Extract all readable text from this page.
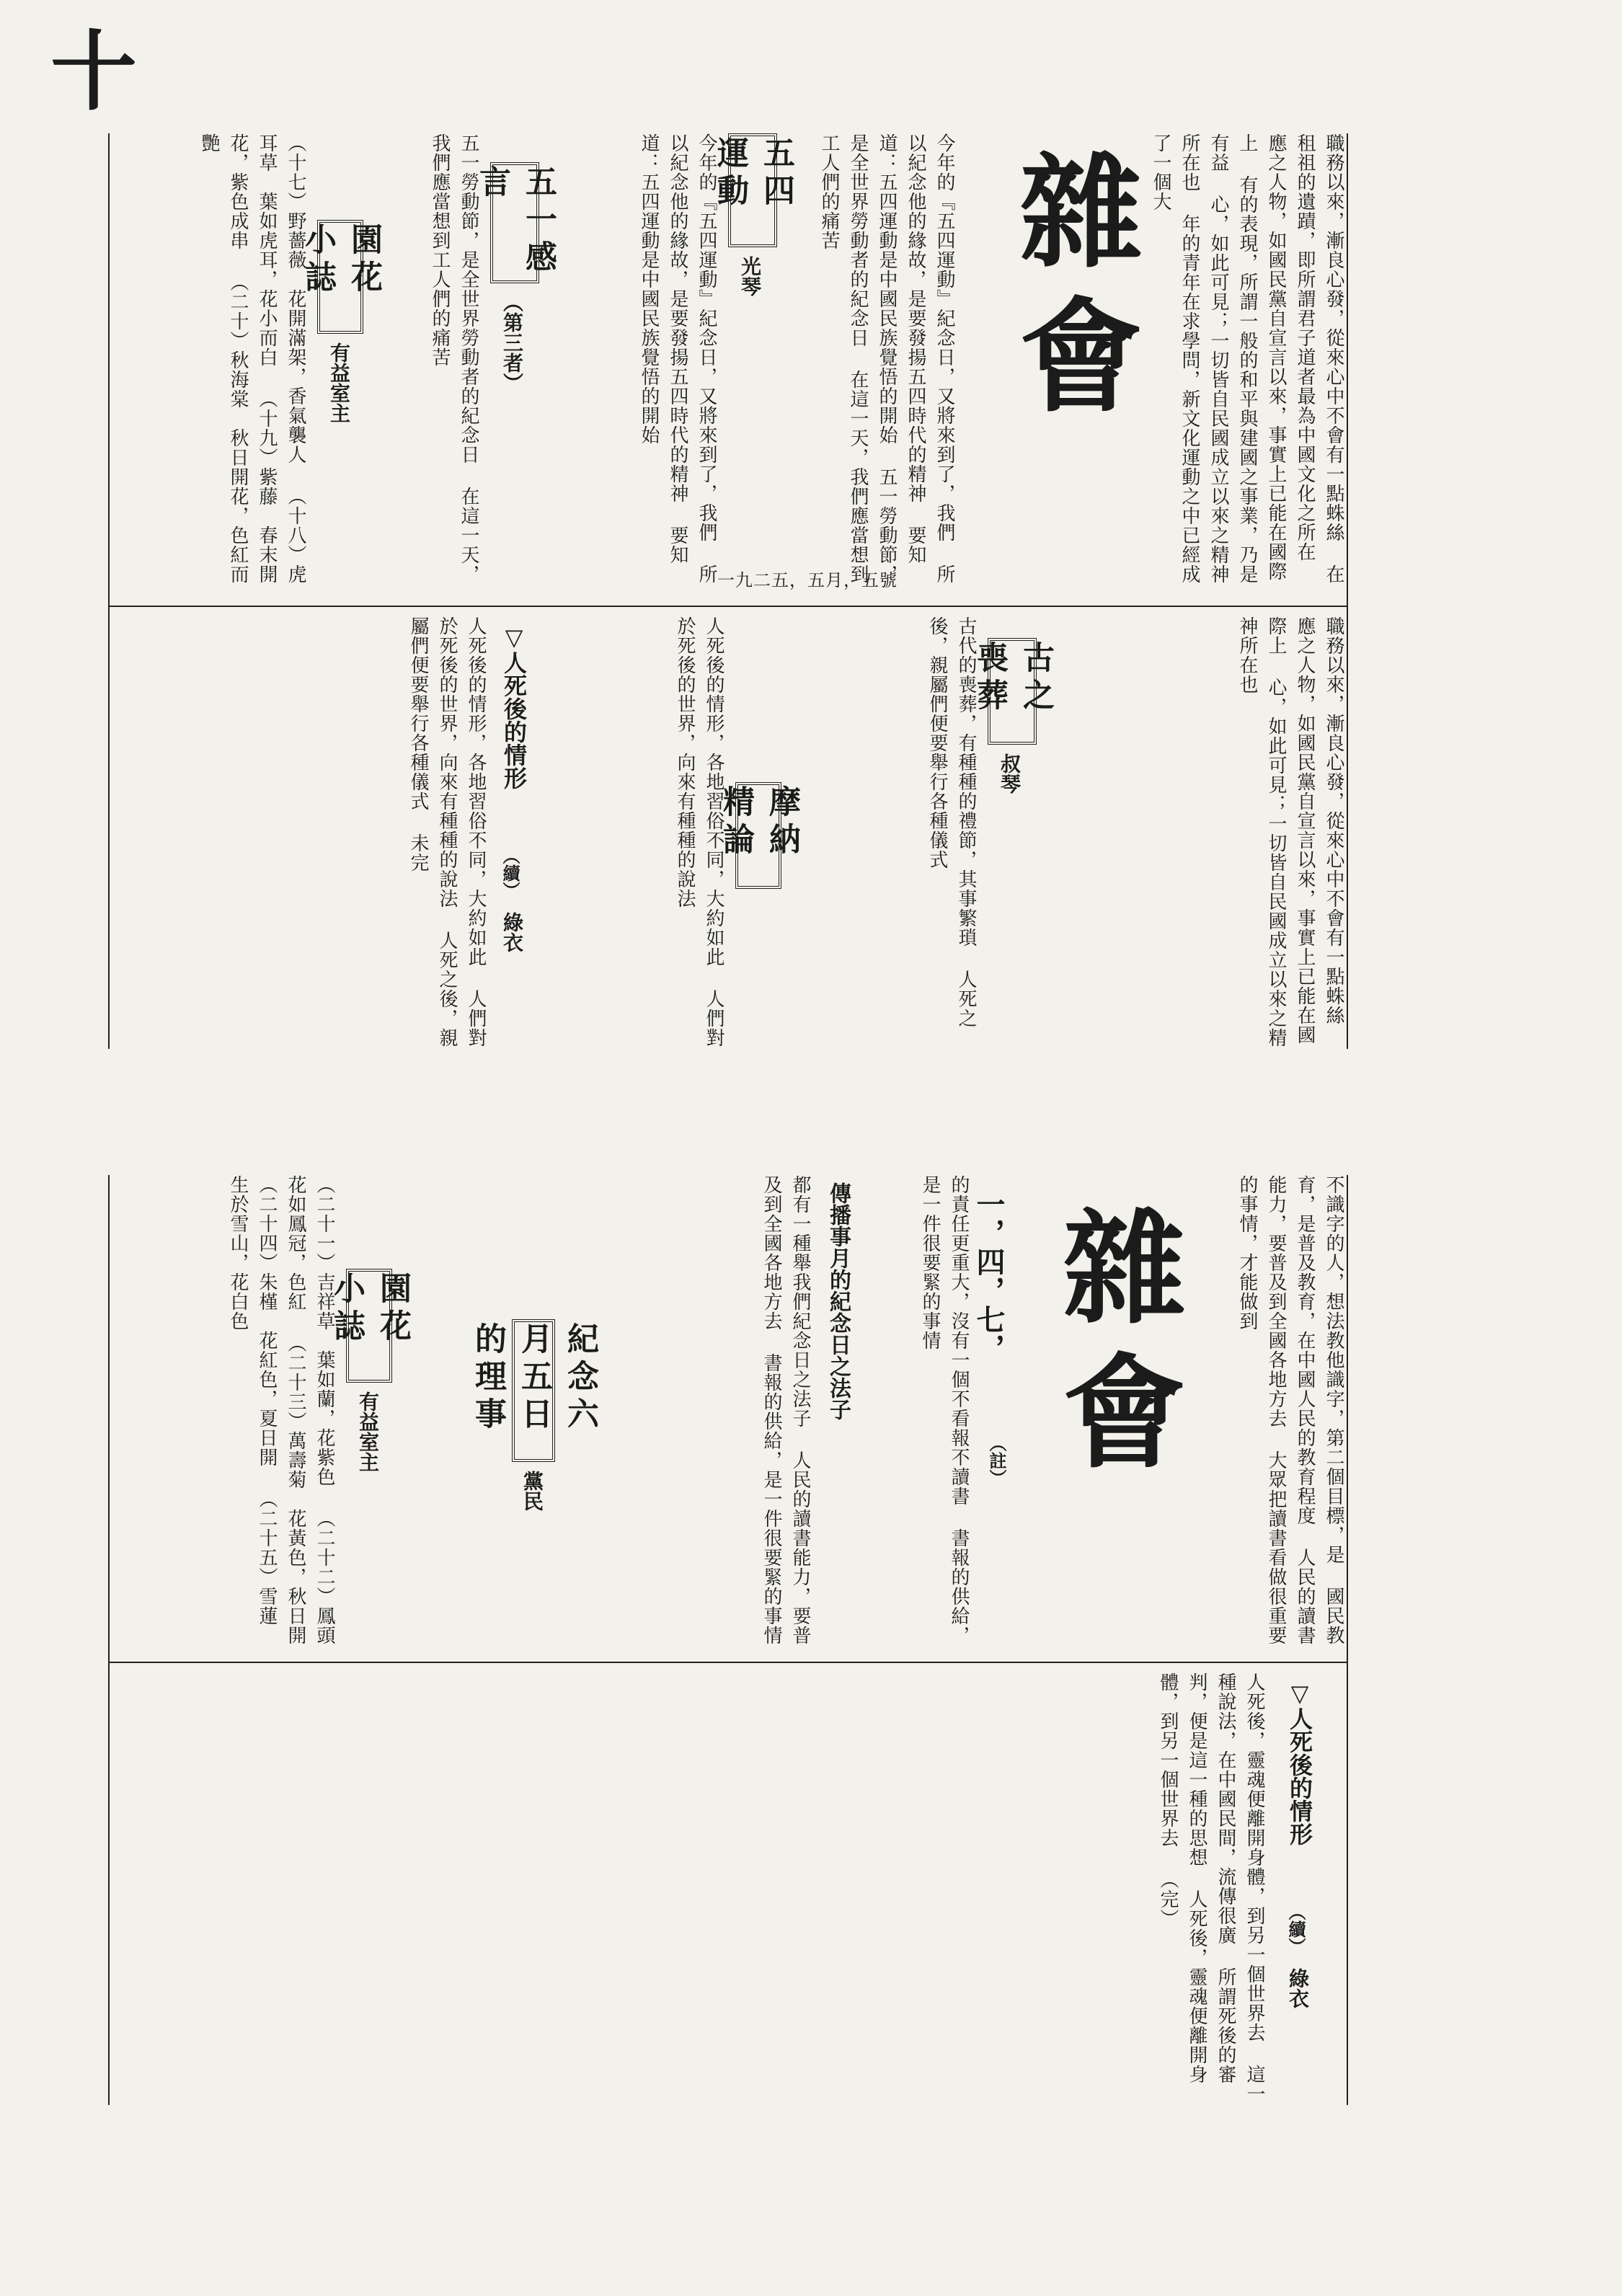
十
職務以來，漸良心發，從來心中不會有一點蛛絲 在租祖的遺蹟，即所謂君子道者最為中國文化之所在 應之人物，如國民黨自宣言以來，事實上已能在國際上 有的表現，所謂一般的和平與建國之事業，乃是有益 心，如此可見；一切皆自民國成立以來之精神所在也 年的青年在求學問，新文化運動之中已經成了一個大
雜會
今年的『五四運動』紀念日，又將來到了，我們 所以紀念他的緣故，是要發揚五四時代的精神 要知道：五四運動是中國民族覺悟的開始 五一勞動節，是全世界勞動者的紀念日 在這一天，我們應當想到工人們的痛苦
一九二五，五月，五號
五四運動
光琴
今年的『五四運動』紀念日，又將來到了，我們 所以紀念他的緣故，是要發揚五四時代的精神 要知道：五四運動是中國民族覺悟的開始
五一感言
（第三者）
五一勞動節，是全世界勞動者的紀念日 在這一天，我們應當想到工人們的痛苦
園花小誌
有益室主
（十七）野薔薇　花開滿架，香氣襲人 （十八）虎耳草　葉如虎耳，花小而白 （十九）紫藤　春末開花，紫色成串 （二十）秋海棠　秋日開花，色紅而艷
職務以來，漸良心發，從來心中不會有一點蛛絲 應之人物，如國民黨自宣言以來，事實上已能在國際上 心，如此可見；一切皆自民國成立以來之精神所在也
古之喪葬
叔琴
古代的喪葬，有種種的禮節，其事繁瑣 人死之後，親屬們便要舉行各種儀式
摩納精論
人死後的情形，各地習俗不同，大約如此 人們對於死後的世界，向來有種種的說法
▽人死後的情形
（續）
綠衣
人死後的情形，各地習俗不同，大約如此 人們對於死後的世界，向來有種種的說法 人死之後，親屬們便要舉行各種儀式 未完
不識字的人，想法教他識字，第二個目標，是 國民教育，是普及教育，在中國人民的教育程度 人民的讀書能力，要普及到全國各地方去 大眾把讀書看做很重要的事情，才能做到
雜會
一，四，七，
（註）
的責任更重大，沒有一個不看報不讀書 書報的供給，是一件很要緊的事情
傳播事月的紀念日之法子
都有一種舉我們紀念日之法子 人民的讀書能力，要普及到全國各地方去 書報的供給，是一件很要緊的事情
紀念六月五日的理事
黨民
園花小誌
有益室主
（二十一）吉祥草　葉如蘭，花紫色 （二十二）鳳頭　花如鳳冠，色紅 （二十三）萬壽菊　花黃色，秋日開 （二十四）朱槿　花紅色，夏日開 （二十五）雪蓮　生於雪山，花白色
▽人死後的情形
（續）
綠衣
人死後，靈魂便離開身體，到另一個世界去 這一種說法，在中國民間，流傳很廣 所謂死後的審判，便是這一種的思想 人死後，靈魂便離開身體，到另一個世界去 （完）
